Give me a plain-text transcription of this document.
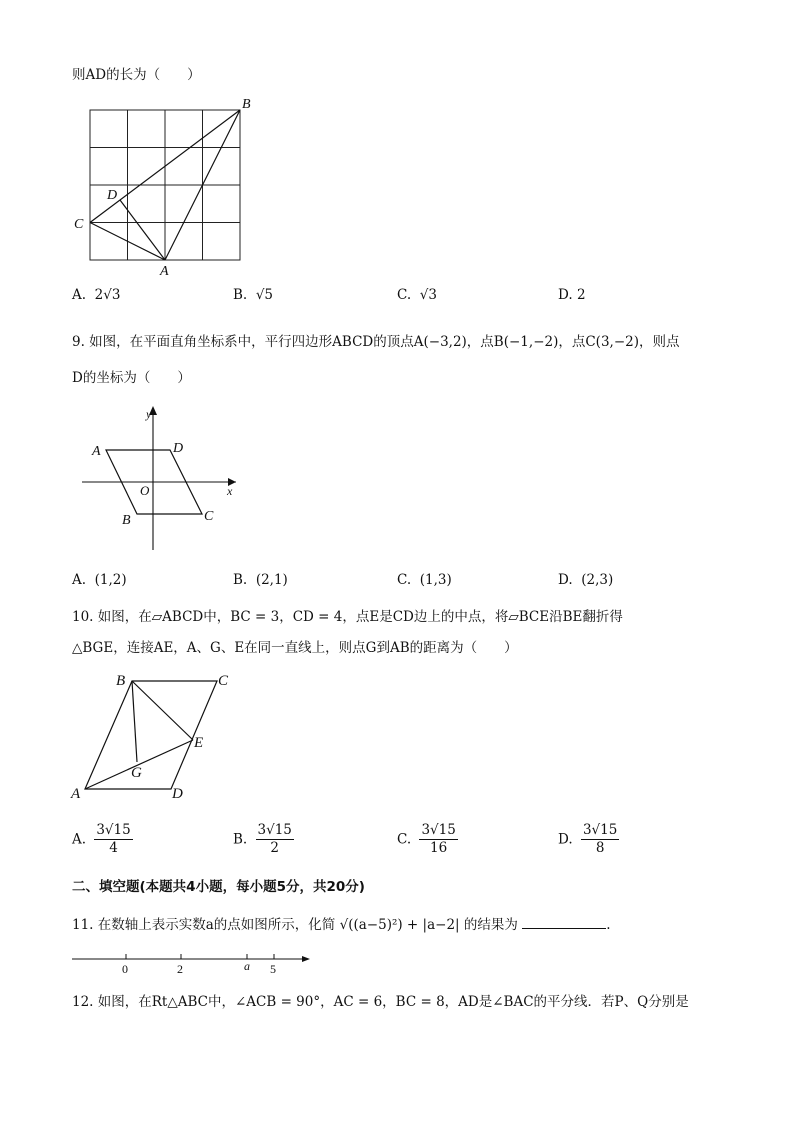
则AD的长为（　　）
B
C
D
A
A. 2√3	B. √5	C. √3	D. 2
9. 如图，在平面直角坐标系中，平行四边形ABCD的顶点A(−3,2)，点B(−1,−2)，点C(3,−2)，则点
D的坐标为（　　）
y
x
O
A	D
B	C
A. (1,2)	B. (2,1)	C. (1,3)	D. (2,3)
10. 如图，在▱ABCD中，BC = 3，CD = 4，点E是CD边上的中点，将▱BCE沿BE翻折得
△BGE，连接AE，A、G、E在同一直线上，则点G到AB的距离为（　　）
B	C
E
G
A	D
A. $\frac{3√15}{4}$	B. $\frac{3√15}{2}$	C. $\frac{3√15}{16}$	D. $\frac{3√15}{8}$
二、填空题(本题共4小题，每小题5分，共20分)
11. 在数轴上表示实数a的点如图所示，化简 √((a−5)²) + |a−2| 的结果为	.
0	2	a 5
12. 如图，在Rt△ABC中，∠ACB = 90°，AC = 6，BC = 8，AD是∠BAC的平分线．若P、Q分别是
